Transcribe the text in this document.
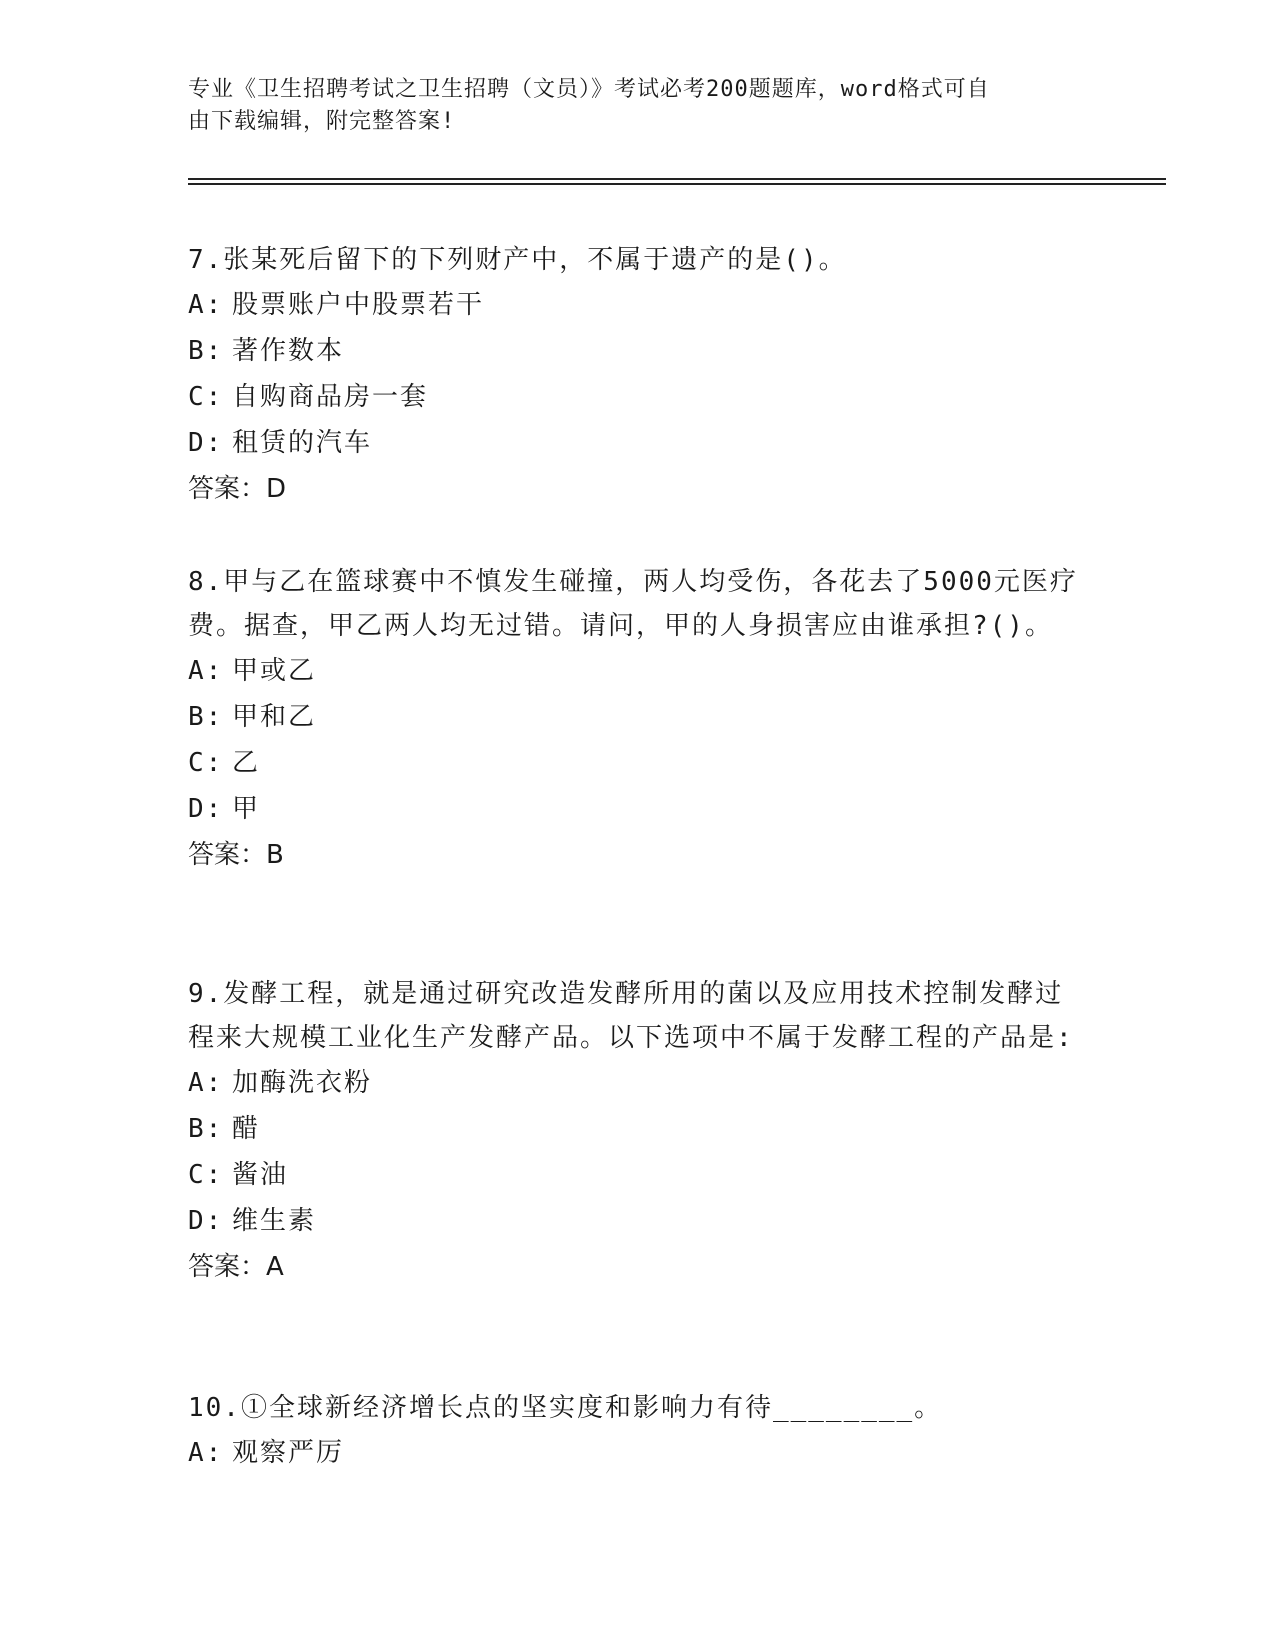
专业《卫生招聘考试之卫生招聘（文员）》考试必考200题题库，word格式可自
由下载编辑，附完整答案!

7.张某死后留下的下列财产中，不属于遗产的是()。

A: 股票账户中股票若干

B: 著作数本

C: 自购商品房一套

D: 租赁的汽车

答案：D

8.甲与乙在篮球赛中不慎发生碰撞，两人均受伤，各花去了5000元医疗费。据查，甲乙两人均无过错。请问，甲的人身损害应由谁承担?()。

A: 甲或乙

B: 甲和乙

C: 乙

D: 甲

答案：B

9.发酵工程，就是通过研究改造发酵所用的菌以及应用技术控制发酵过程来大规模工业化生产发酵产品。以下选项中不属于发酵工程的产品是:

A: 加酶洗衣粉

B: 醋

C: 酱油

D: 维生素

答案：A

10.①全球新经济增长点的坚实度和影响力有待________。

A: 观察严厉
